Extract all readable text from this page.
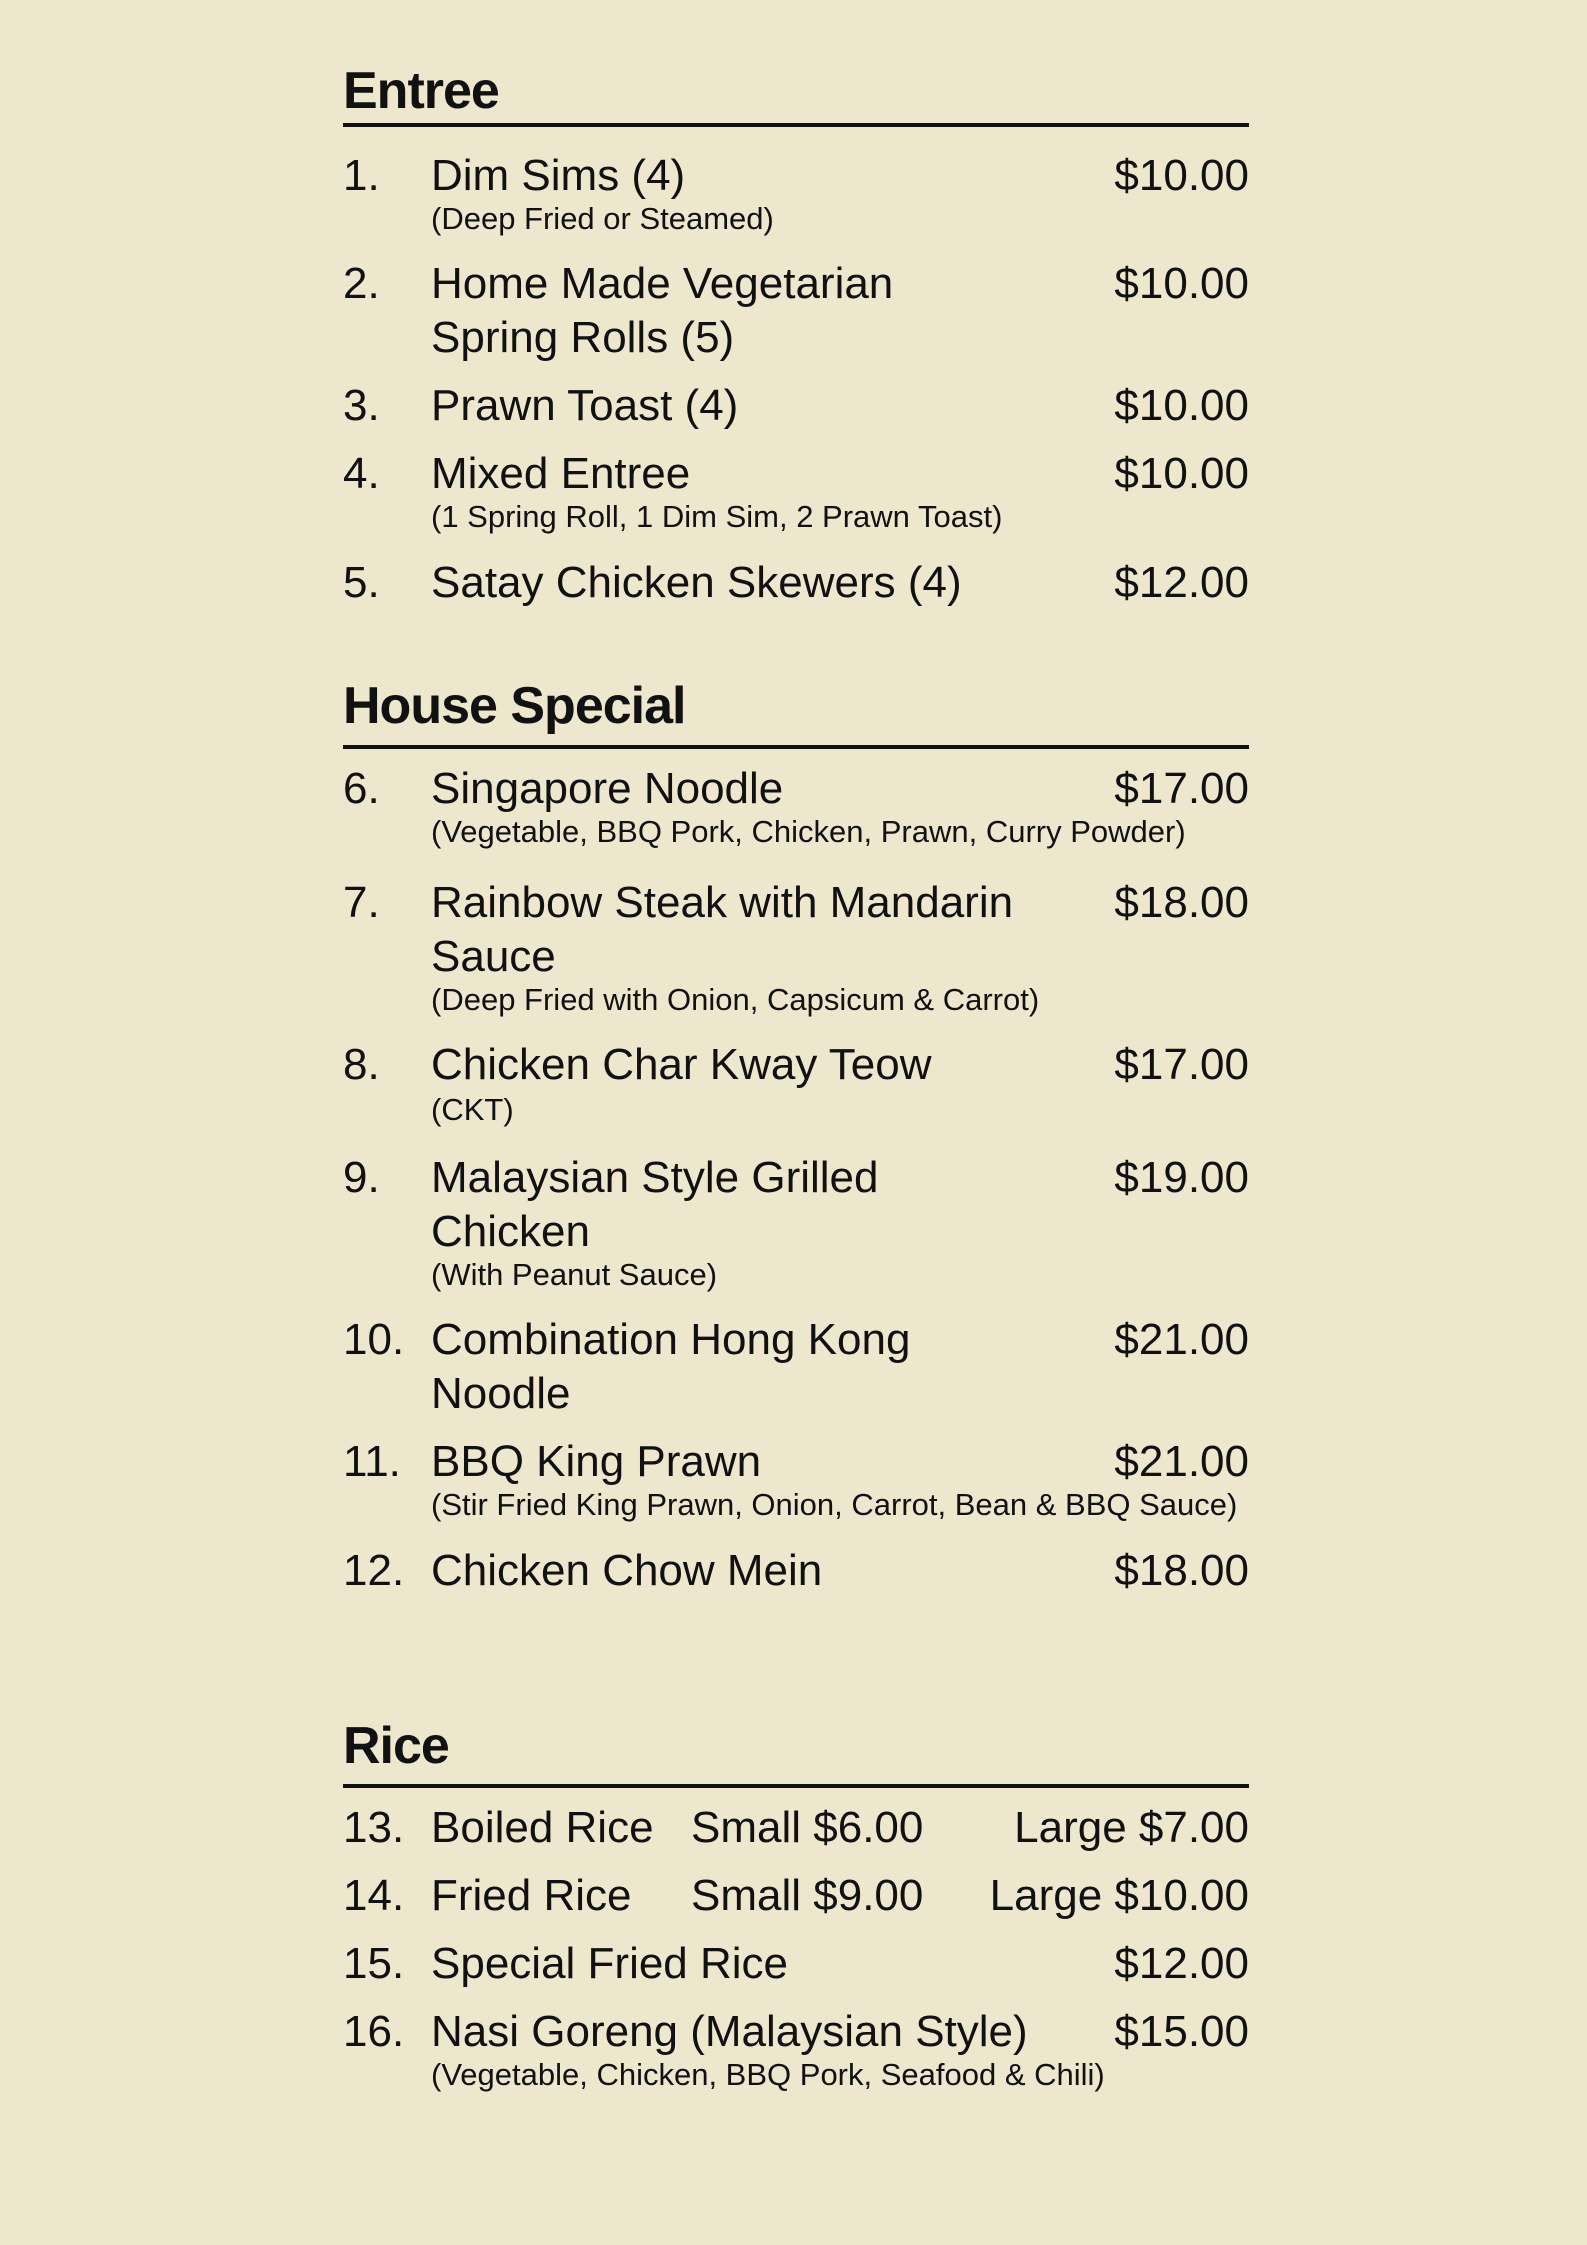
Entree
1. Dim Sims (4)	$10.00
(Deep Fried or Steamed)
2. Home Made Vegetarian
Spring Rolls (5)
$10.00
3. Prawn Toast (4)	$10.00
4. Mixed Entree	$10.00
(1 Spring Roll, 1 Dim Sim, 2 Prawn Toast)
5. Satay Chicken Skewers (4)	$12.00
House Special
6. Singapore Noodle	$17.00
(Vegetable, BBQ Pork, Chicken, Prawn, Curry Powder)
7. Rainbow Steak with Mandarin
Sauce
$18.00
(Deep Fried with Onion, Capsicum & Carrot)
8. Chicken Char Kway Teow	$17.00
(CKT)
9. Malaysian Style Grilled
Chicken
$19.00
(With Peanut Sauce)
10. Combination Hong Kong
Noodle
$21.00
11. BBQ King Prawn	$21.00
(Stir Fried King Prawn, Onion, Carrot, Bean & BBQ Sauce)
12. Chicken Chow Mein	$18.00
Rice
13. Boiled Rice Small $6.00 Large $7.00
14. Fried Rice	Small $9.00 Large $10.00
15. Special Fried Rice	$12.00
16. Nasi Goreng (Malaysian Style)	$15.00
(Vegetable, Chicken, BBQ Pork, Seafood & Chili)
